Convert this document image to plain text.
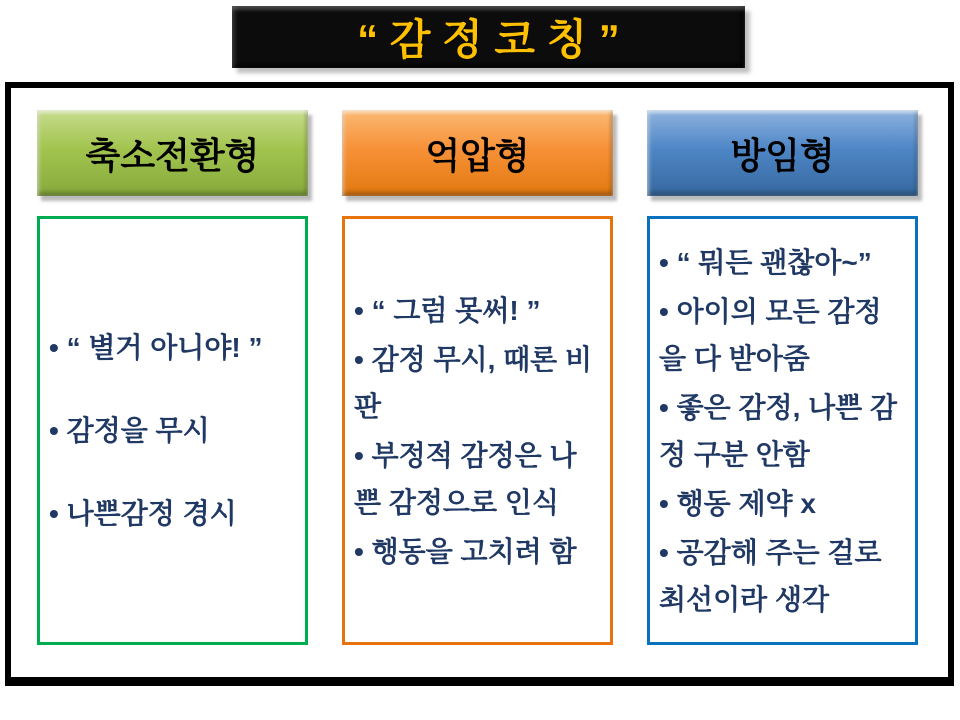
“ 감 정 코 칭 ”
축소전환형

• “ 별거 아니야! ”

• 감정을 무시

• 나쁜감정 경시

억압형

• “ 그럼 못써! ”

• 감정 무시, 때론 비판

• 부정적 감정은 나쁜 감정으로 인식

• 행동을 고치려 함

방임형

• “ 뭐든 괜찮아~”

• 아이의 모든 감정을 다 받아줌

• 좋은 감정, 나쁜 감정 구분 안함

• 행동 제약 x

• 공감해 주는 걸로 최선이라 생각
